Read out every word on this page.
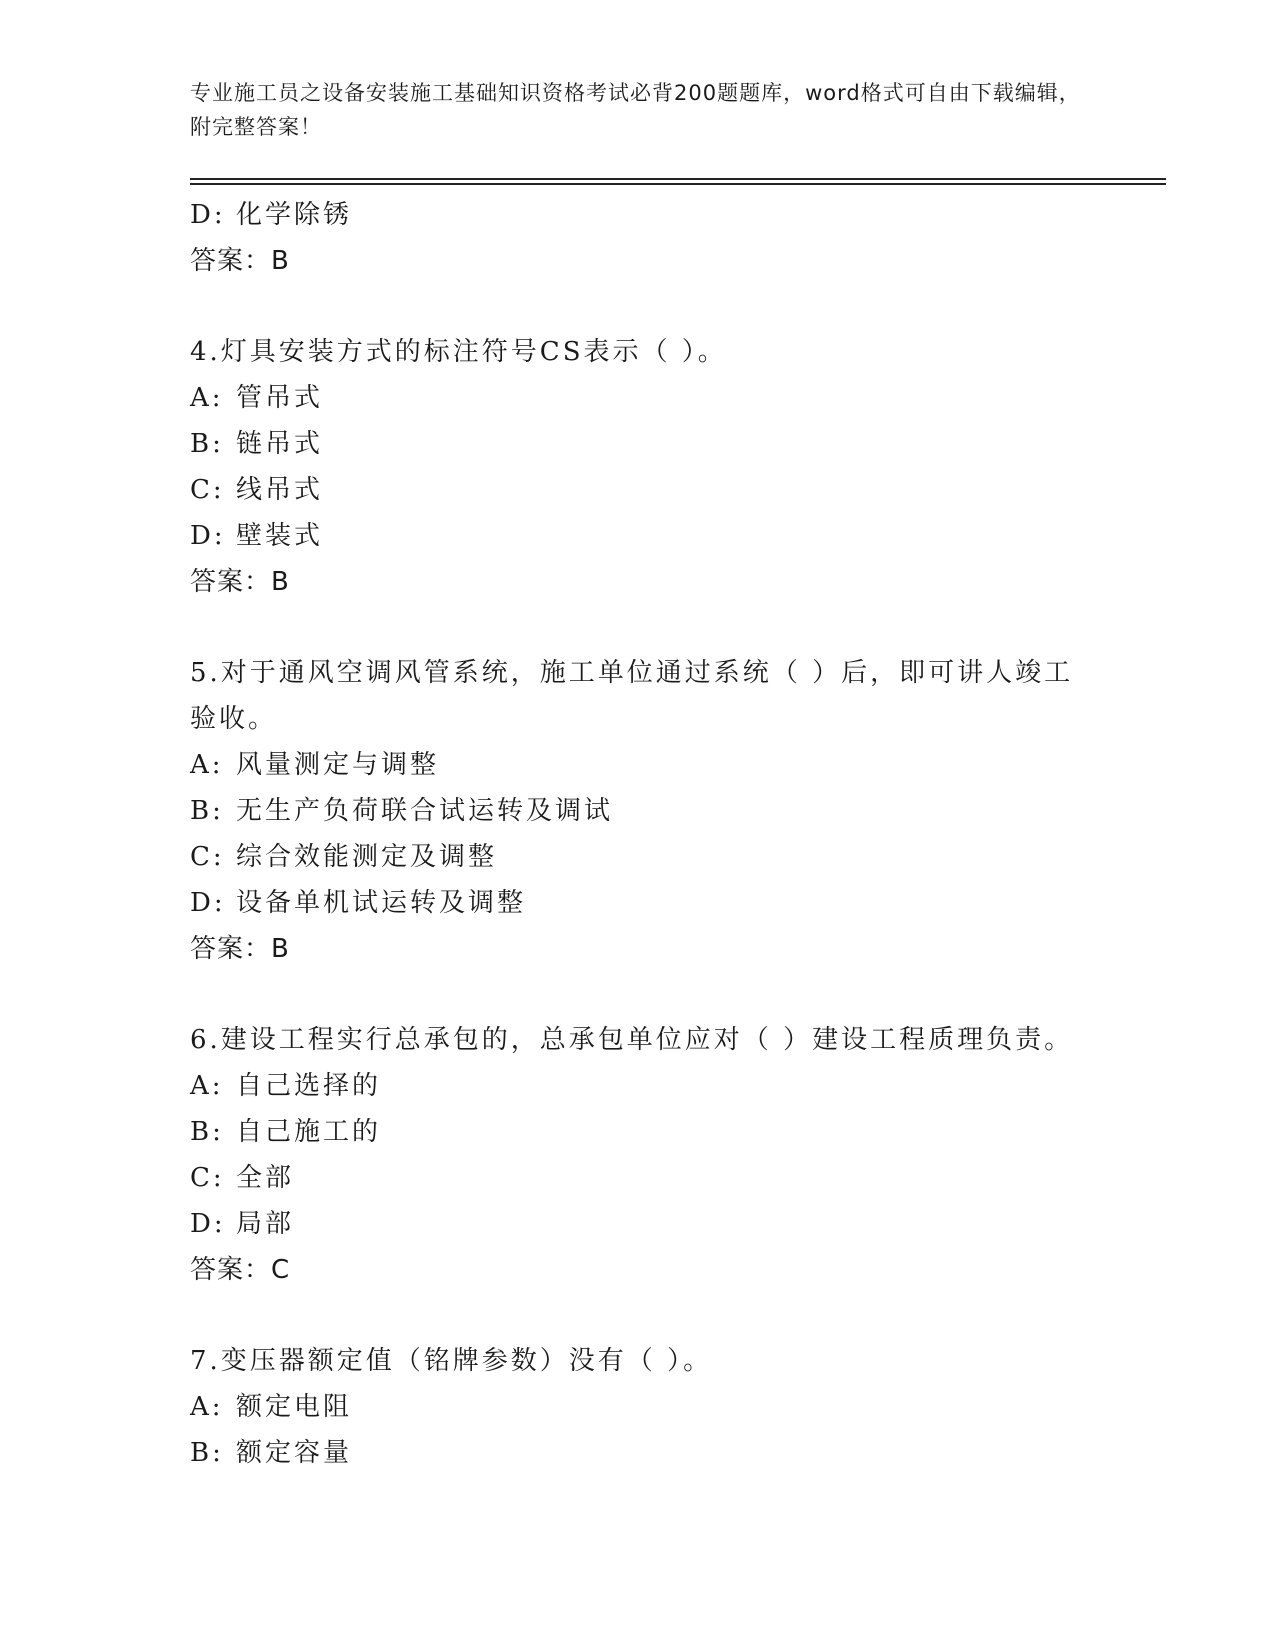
专业施工员之设备安装施工基础知识资格考试必背200题题库，word格式可自由下载编辑，附完整答案！
D: 化学除锈
答案：B
4.灯具安装方式的标注符号CS表示（ ）。
A: 管吊式
B: 链吊式
C: 线吊式
D: 壁装式
答案：B
5.对于通风空调风管系统，施工单位通过系统（ ）后，即可讲人竣工验收。
A: 风量测定与调整
B: 无生产负荷联合试运转及调试
C: 综合效能测定及调整
D: 设备单机试运转及调整
答案：B
6.建设工程实行总承包的，总承包单位应对（ ）建设工程质理负责。
A: 自己选择的
B: 自己施工的
C: 全部
D: 局部
答案：C
7.变压器额定值（铭牌参数）没有（ ）。
A: 额定电阻
B: 额定容量
